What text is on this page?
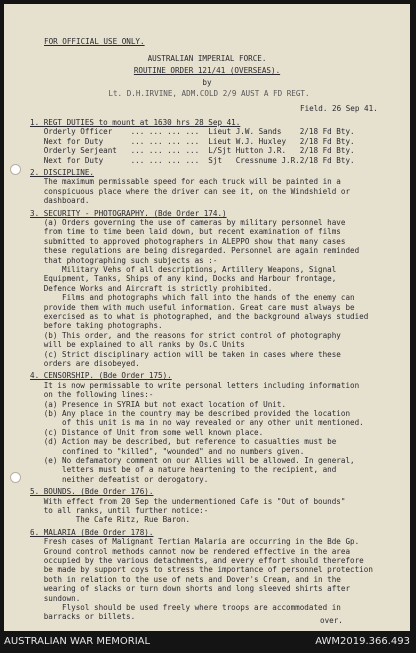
FOR OFFICIAL USE ONLY.
AUSTRALIAN IMPERIAL FORCE.
ROUTINE ORDER 121/41 (OVERSEAS).
by
Lt. D.H.IRVINE, ADM.COLD 2/9 AUST A FD REGT.
Field. 26 Sep 41.
1. REGT DUTIES to mount at 1630 hrs 28 Sep 41.
Orderly Officer    ... ... ... ...  Lieut J.W. Sands    2/18 Fd Bty.
Next for Duty      ... ... ... ...  Lieut W.J. Huxley   2/18 Fd Bty.
Orderly Serjeant   ... ... ... ...  L/Sjt Hutton J.R.   2/18 Fd Bty.
Next for Duty      ... ... ... ...  Sjt   Cressnume J.R.2/18 Fd Bty.
2. DISCIPLINE.
The maximum permissable speed for each truck will be painted in a
conspicuous place where the driver can see it, on the Windshield or
dashboard.
3. SECURITY - PHOTOGRAPHY. (Bde Order 174.)
(a) Orders governing the use of cameras by military personnel have
from time to time been laid down, but recent examination of films
submitted to approved photographers in ALEPPO show that many cases
these regulations are being disregarded. Personnel are again reminded
that photographing such subjects as :-
Military Vehs of all descriptions, Artillery Weapons, Signal
Equipment, Tanks, Ships of any kind, Docks and Harbour frontage,
Defence Works and Aircraft is strictly prohibited.
Films and photographs which fall into the hands of the enemy can
provide them with much useful information. Great care must always be
exercised as to what is photographed, and the background always studied
before taking photographs.
(b) This order, and the reasons for strict control of photography
will be explained to all ranks by Os.C Units
(c) Strict disciplinary action will be taken in cases where these
orders are disobeyed.
4. CENSORSHIP. (Bde Order 175).
It is now permissable to write personal letters including information
on the following lines:-
(a) Presence in SYRIA but not exact location of Unit.
(b) Any place in the country may be described provided the location
of this unit is ma in no way revealed or any other unit mentioned.
(c) Distance of Unit from some well known place.
(d) Action may be described, but reference to casualties must be
confined to "killed", "wounded" and no numbers given.
(e) No defamatory comment on our Allies will be allowed. In general,
letters must be of a nature heartening to the recipient, and
neither defeatist or derogatory.
5. BOUNDS. (Bde Order 176).
With effect from 20 Sep the undermentioned Cafe is "Out of bounds"
to all ranks, until further notice:-
The Cafe Ritz, Rue Baron.
6. MALARIA (Bde Order 178).
Fresh cases of Malignant Tertian Malaria are occurring in the Bde Gp.
Ground control methods cannot now be rendered effective in the area
occupied by the various detachments, and every effort should therefore
be made by support coys to stress the importance of personnel protection
both in relation to the use of nets and Dover's Cream, and in the
wearing of slacks or turn down shorts and long sleeved shirts after
sundown.
Flysol should be used freely where troops are accommodated in
barracks or billets.	over.
AUSTRALIAN WAR MEMORIAL	AWM2019.366.493
